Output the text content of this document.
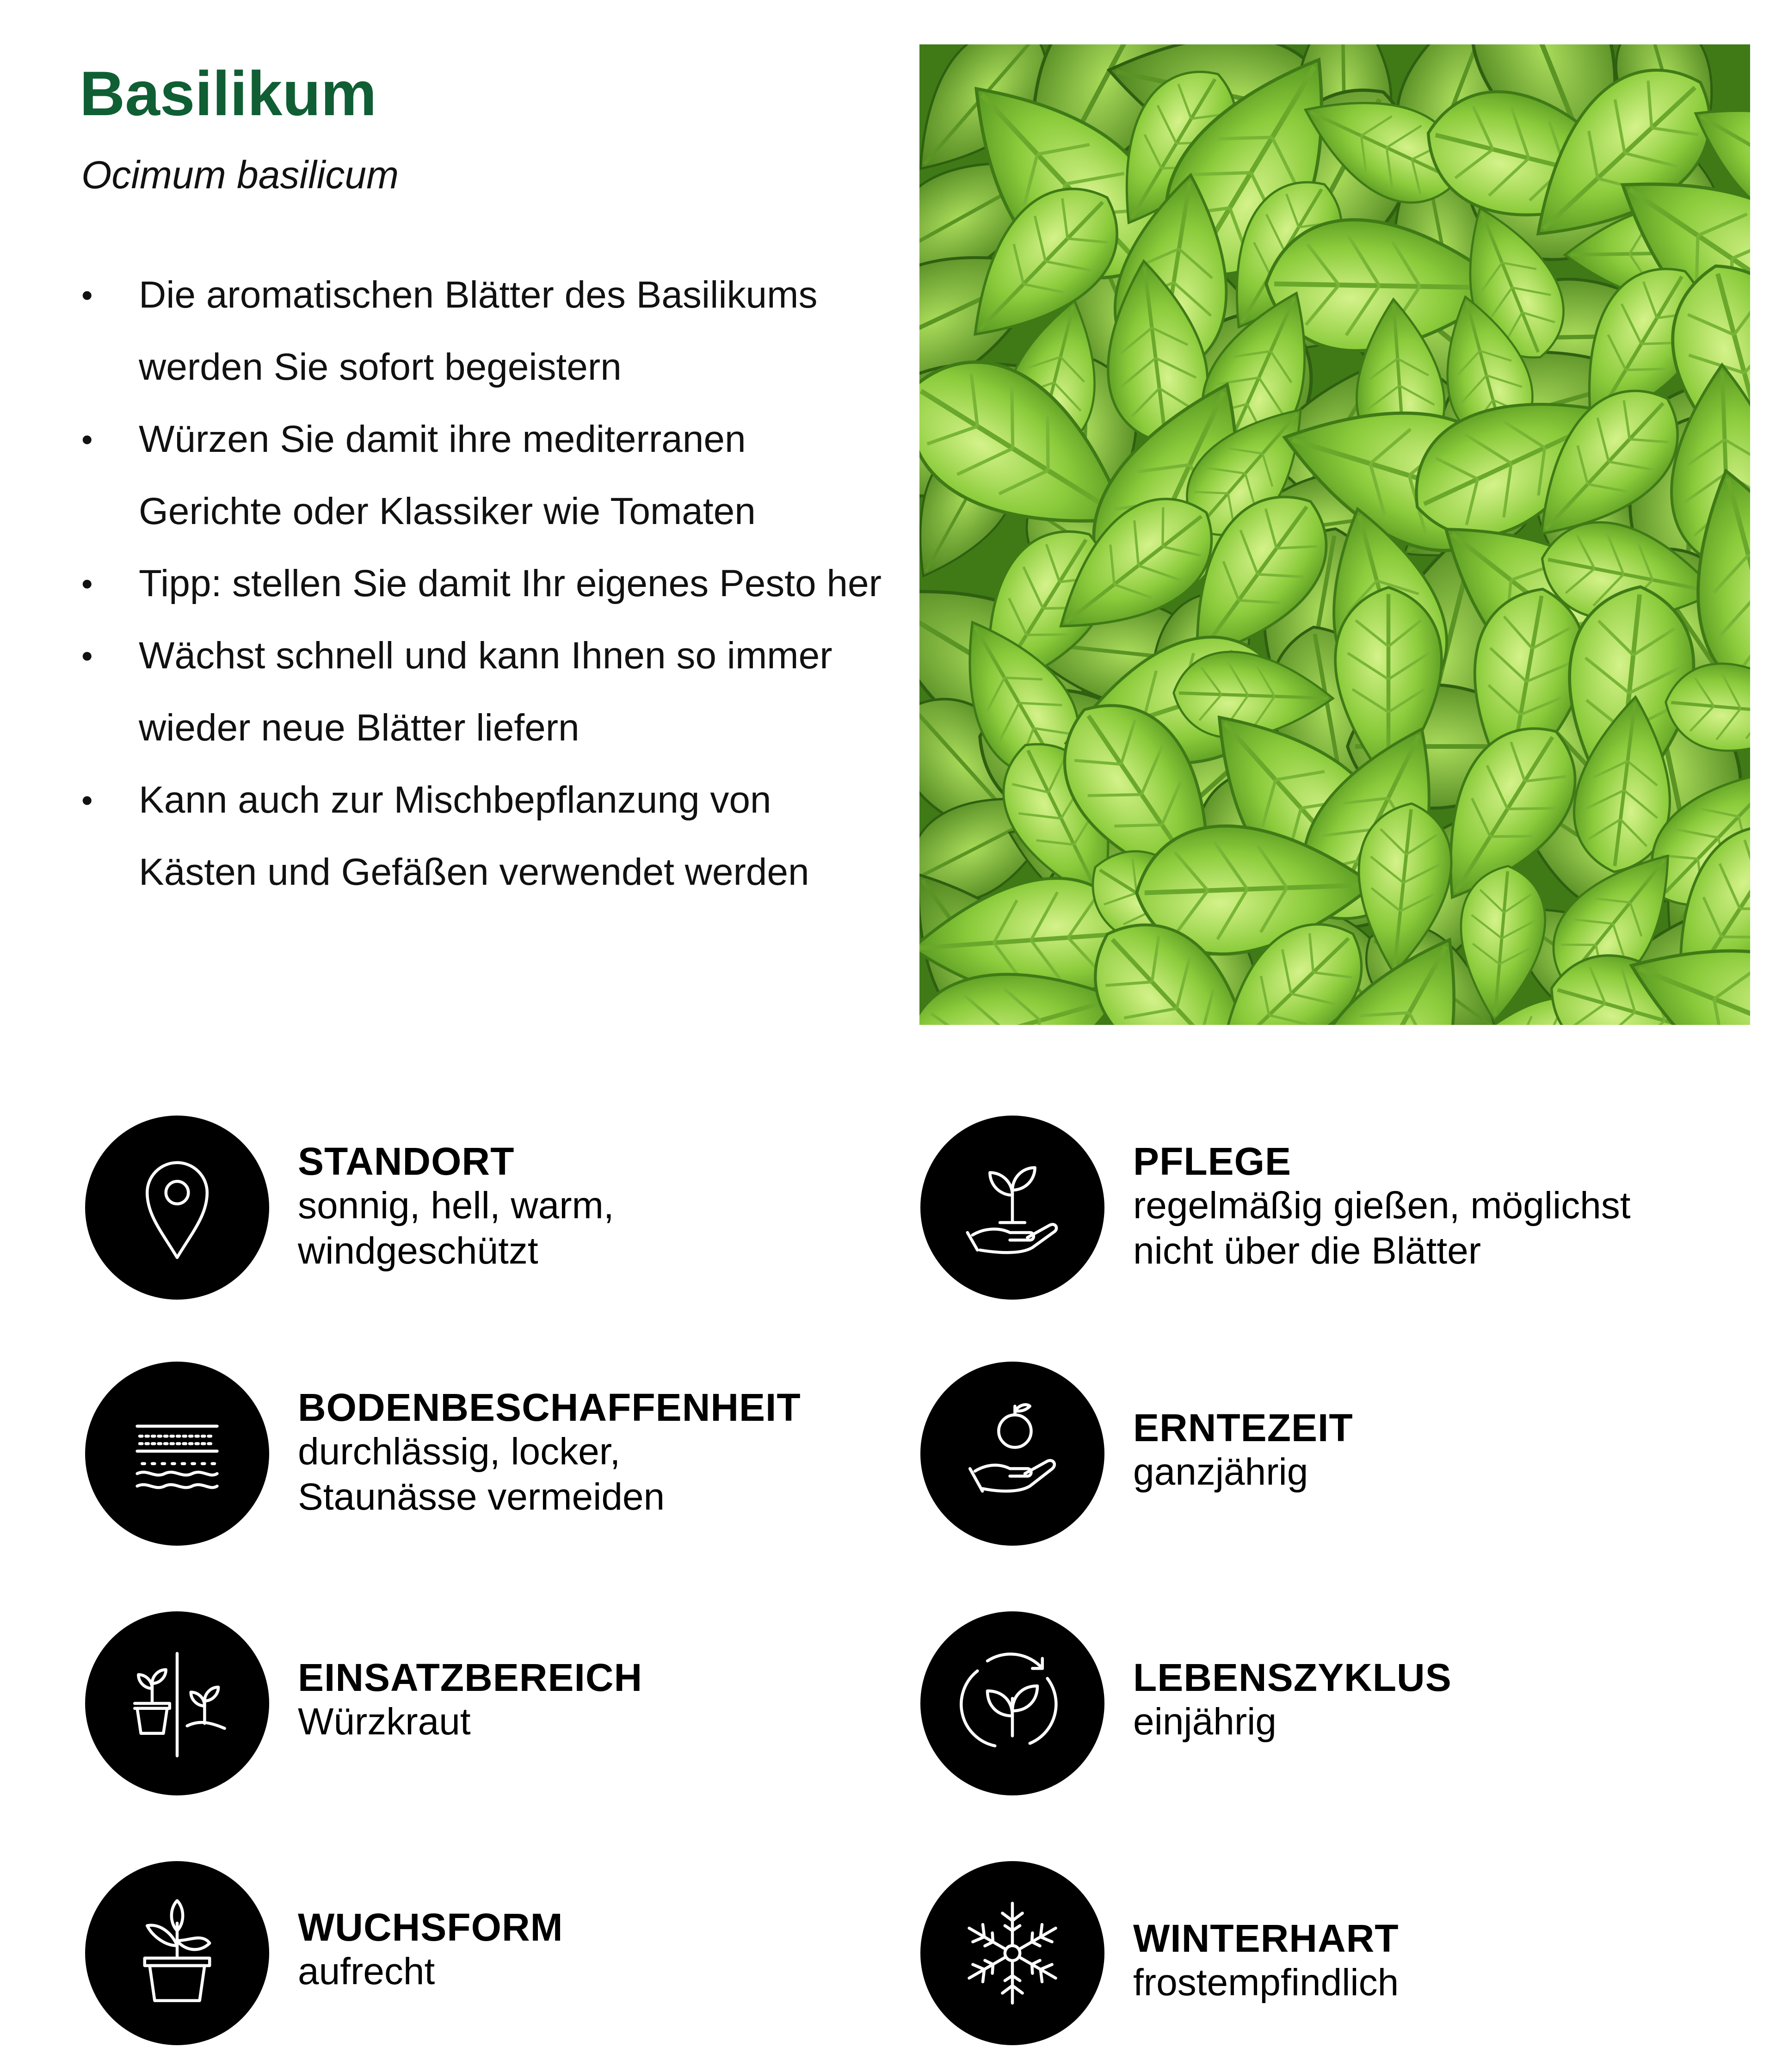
Basilikum

Ocimum basilicum

• Die aromatischen Blätter des Basilikums werden Sie sofort begeistern
• Würzen Sie damit ihre mediterranen Gerichte oder Klassiker wie Tomaten
• Tipp: stellen Sie damit Ihr eigenes Pesto her
• Wächst schnell und kann Ihnen so immer wieder neue Blätter liefern
• Kann auch zur Mischbepflanzung von Kästen und Gefäßen verwendet werden
STANDORT
sonnig, hell, warm,
windgeschützt
PFLEGE
regelmäßig gießen, möglichst
nicht über die Blätter
BODENBESCHAFFENHEIT
durchlässig, locker,
Staunässe vermeiden
ERNTEZEIT
ganzjährig
EINSATZBEREICH
Würzkraut
LEBENSZYKLUS
einjährig
WUCHSFORM
aufrecht
WINTERHART
frostempfindlich
